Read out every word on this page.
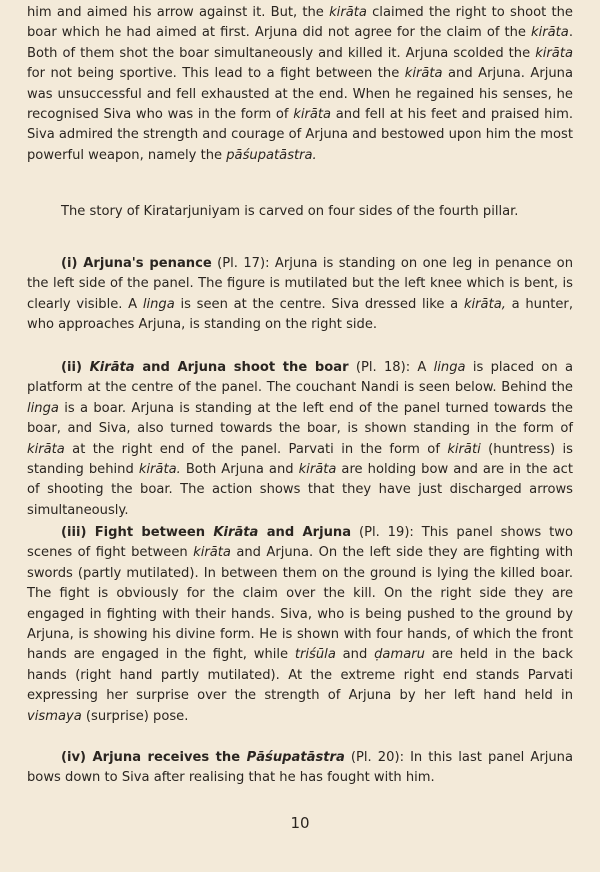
him and aimed his arrow against it. But, the kirāta claimed the right to shoot the boar which he had aimed at first. Arjuna did not agree for the claim of the kirāta. Both of them shot the boar simultaneously and killed it. Arjuna scolded the kirāta for not being sportive. This lead to a fight between the kirāta and Arjuna. Arjuna was unsuccessful and fell exhausted at the end. When he regained his senses, he recognised Siva who was in the form of kirāta and fell at his feet and praised him. Siva admired the strength and courage of Arjuna and bestowed upon him the most powerful weapon, namely the pāśupatāstra.

The story of Kiratarjuniyam is carved on four sides of the fourth pillar.

(i) Arjuna's penance (Pl. 17): Arjuna is standing on one leg in penance on the left side of the panel. The figure is mutilated but the left knee which is bent, is clearly visible. A linga is seen at the centre. Siva dressed like a kirāta, a hunter, who approaches Arjuna, is standing on the right side.

(ii) Kirāta and Arjuna shoot the boar (Pl. 18): A linga is placed on a platform at the centre of the panel. The couchant Nandi is seen below. Behind the linga is a boar. Arjuna is standing at the left end of the panel turned towards the boar, and Siva, also turned towards the boar, is shown standing in the form of kirāta at the right end of the panel. Parvati in the form of kirāti (huntress) is standing behind kirāta. Both Arjuna and kirāta are holding bow and are in the act of shooting the boar. The action shows that they have just discharged arrows simultaneously.

(iii) Fight between Kirāta and Arjuna (Pl. 19): This panel shows two scenes of fight between kirāta and Arjuna. On the left side they are fighting with swords (partly mutilated). In between them on the ground is lying the killed boar. The fight is obviously for the claim over the kill. On the right side they are engaged in fighting with their hands. Siva, who is being pushed to the ground by Arjuna, is showing his divine form. He is shown with four hands, of which the front hands are engaged in the fight, while triśūla and ḍamaru are held in the back hands (right hand partly mutilated). At the extreme right end stands Parvati expressing her surprise over the strength of Arjuna by her left hand held in vismaya (surprise) pose.

(iv) Arjuna receives the Pāśupatāstra (Pl. 20): In this last panel Arjuna bows down to Siva after realising that he has fought with him.

10
